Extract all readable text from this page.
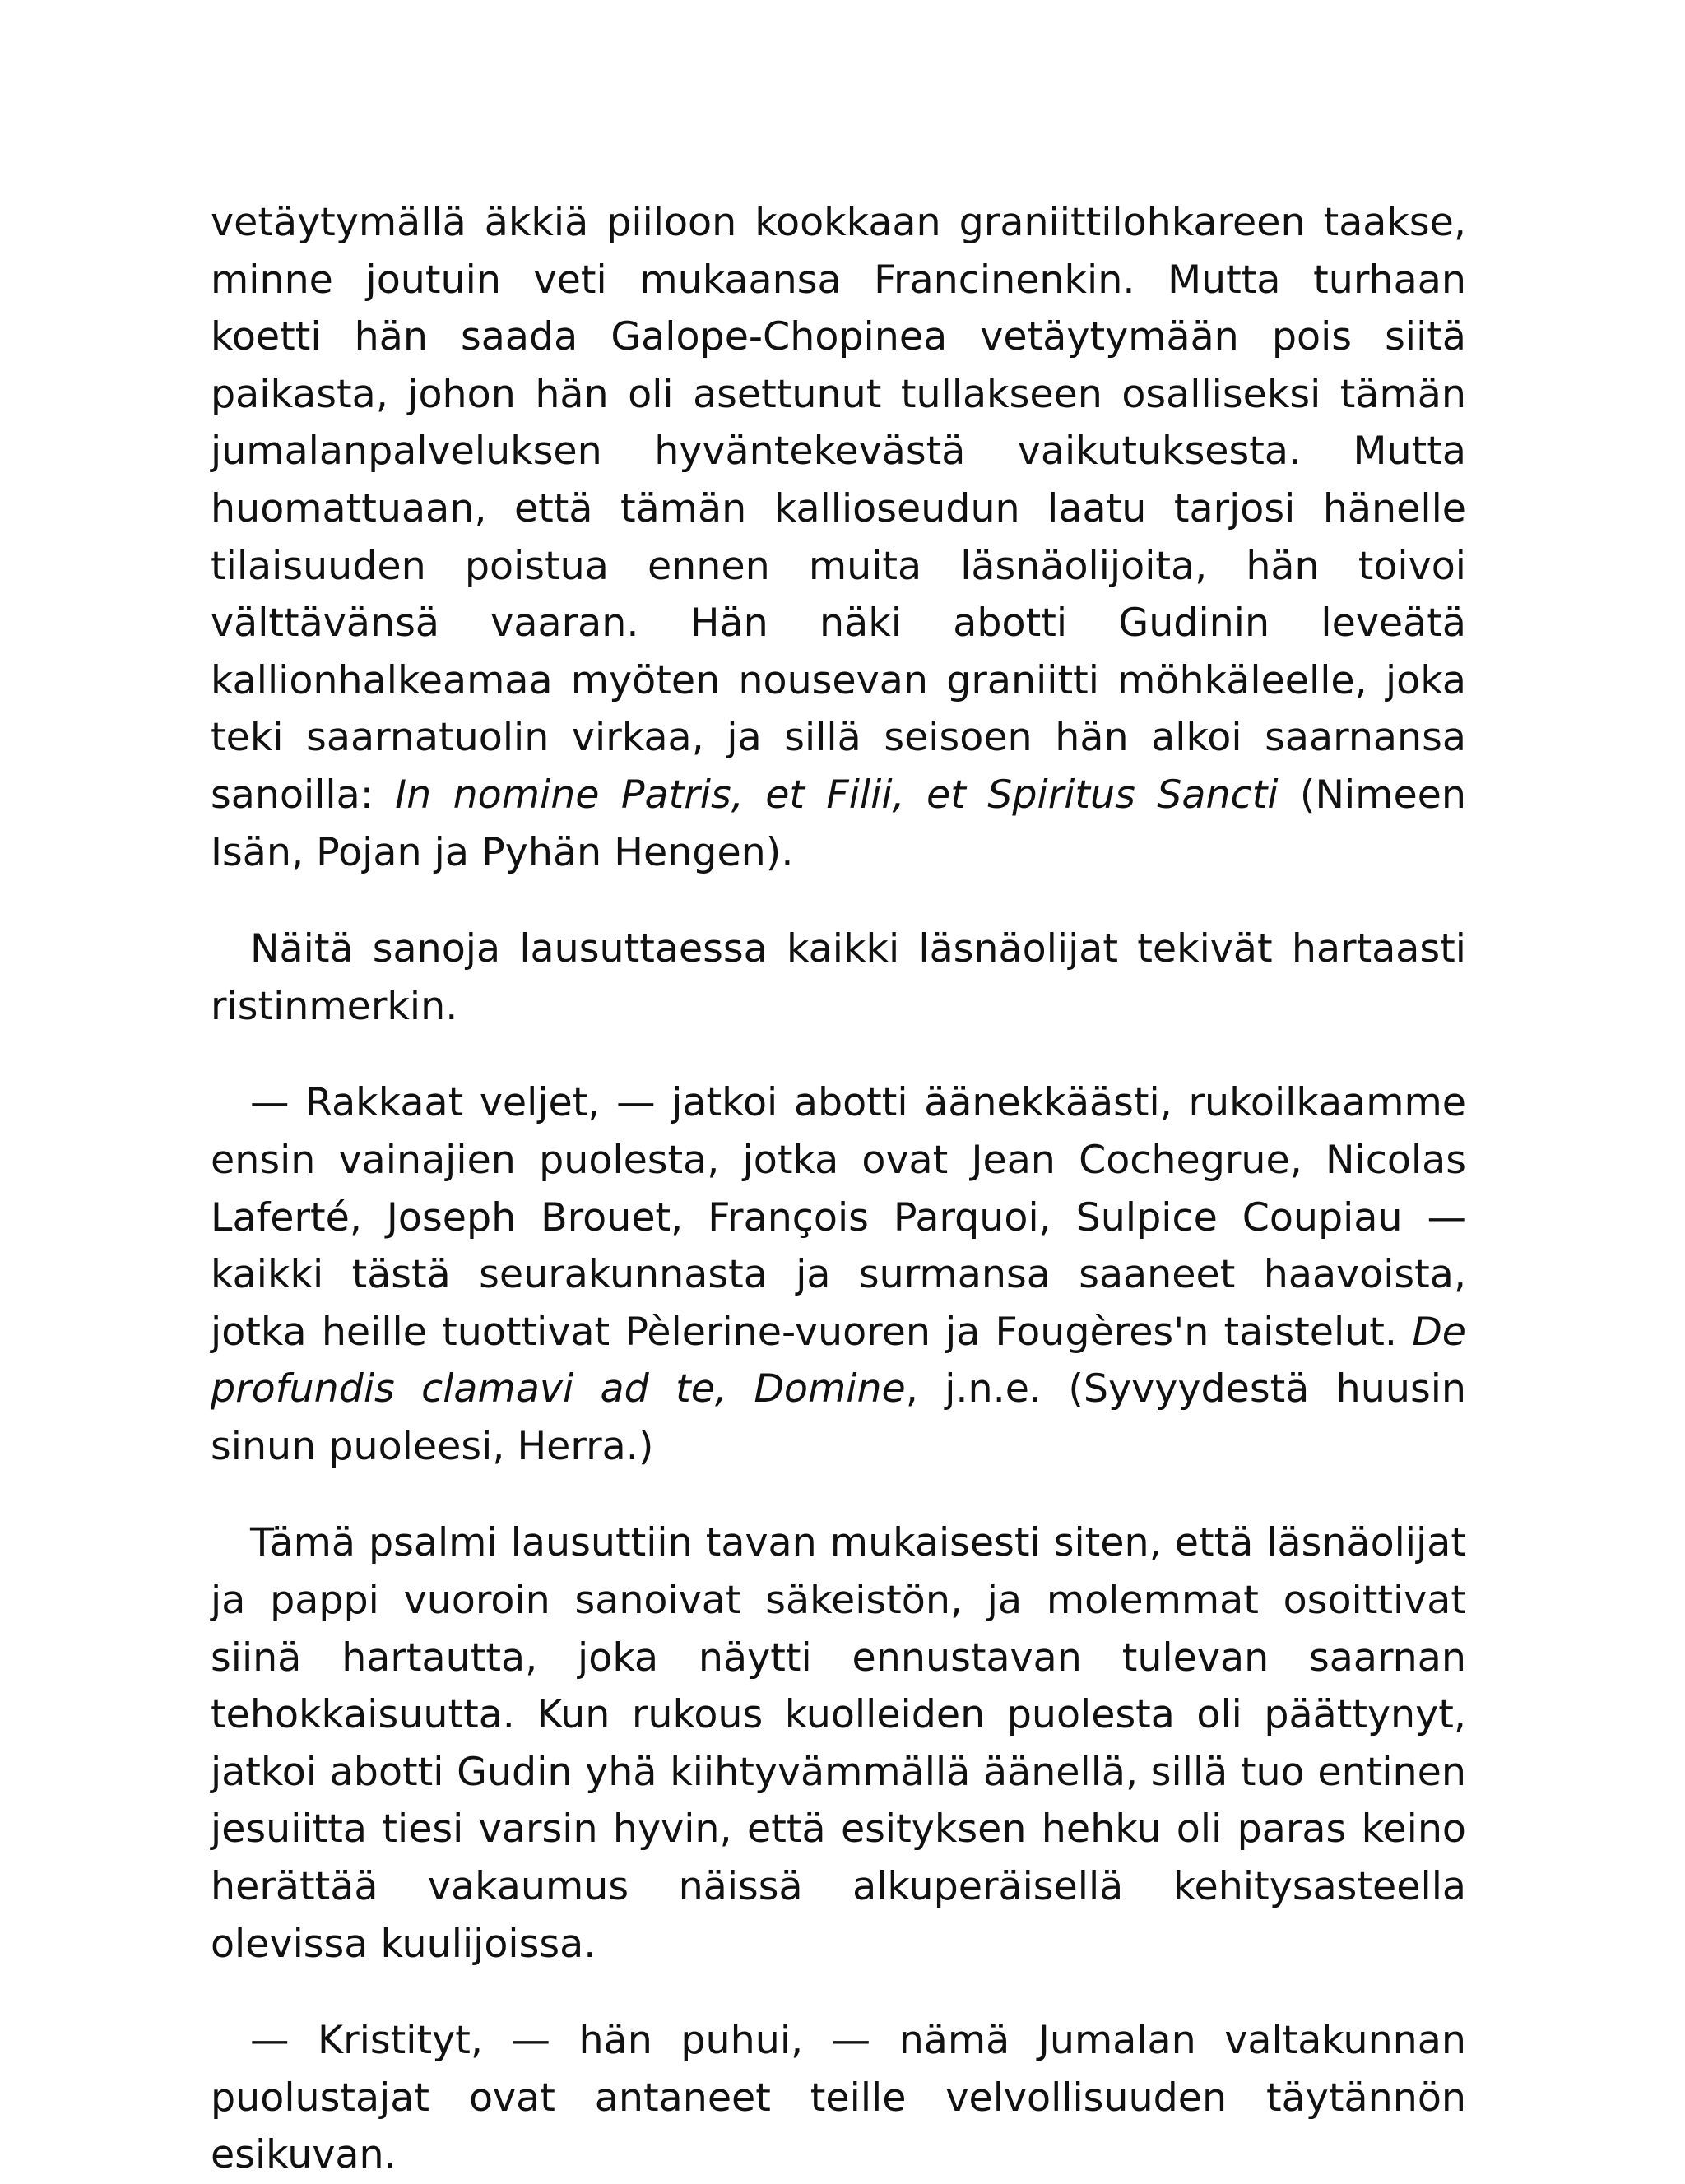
vetäytymällä äkkiä piiloon kookkaan graniittilohkareen taakse, minne joutuin veti mukaansa Francinenkin. Mutta turhaan koetti hän saada Galope-Chopinea vetäytymään pois siitä paikasta, johon hän oli asettunut tullakseen osalliseksi tämän jumalanpalveluksen hyväntekevästä vaikutuksesta. Mutta huomattuaan, että tämän kallioseudun laatu tarjosi hänelle tilaisuuden poistua ennen muita läsnäolijoita, hän toivoi välttävänsä vaaran. Hän näki abotti Gudinin leveätä kallionhalkeamaa myöten nousevan graniitti möhkäleelle, joka teki saarnatuolin virkaa, ja sillä seisoen hän alkoi saarnansa sanoilla: In nomine Patris, et Filii, et Spiritus Sancti (Nimeen Isän, Pojan ja Pyhän Hengen).

Näitä sanoja lausuttaessa kaikki läsnäolijat tekivät hartaasti ristinmerkin.

— Rakkaat veljet, — jatkoi abotti äänekkäästi, rukoilkaamme ensin vainajien puolesta, jotka ovat Jean Cochegrue, Nicolas Laferté, Joseph Brouet, François Parquoi, Sulpice Coupiau — kaikki tästä seurakunnasta ja surmansa saaneet haavoista, jotka heille tuottivat Pèlerine-vuoren ja Fougères'n taistelut. De profundis clamavi ad te, Domine, j.n.e. (Syvyydestä huusin sinun puoleesi, Herra.)

Tämä psalmi lausuttiin tavan mukaisesti siten, että läsnäolijat ja pappi vuoroin sanoivat säkeistön, ja molemmat osoittivat siinä hartautta, joka näytti ennustavan tulevan saarnan tehokkaisuutta. Kun rukous kuolleiden puolesta oli päättynyt, jatkoi abotti Gudin yhä kiihtyvämmällä äänellä, sillä tuo entinen jesuiitta tiesi varsin hyvin, että esityksen hehku oli paras keino herättää vakaumus näissä alkuperäisellä kehitysasteella olevissa kuulijoissa.

— Kristityt, — hän puhui, — nämä Jumalan valtakunnan puolustajat ovat antaneet teille velvollisuuden täytännön esikuvan.
